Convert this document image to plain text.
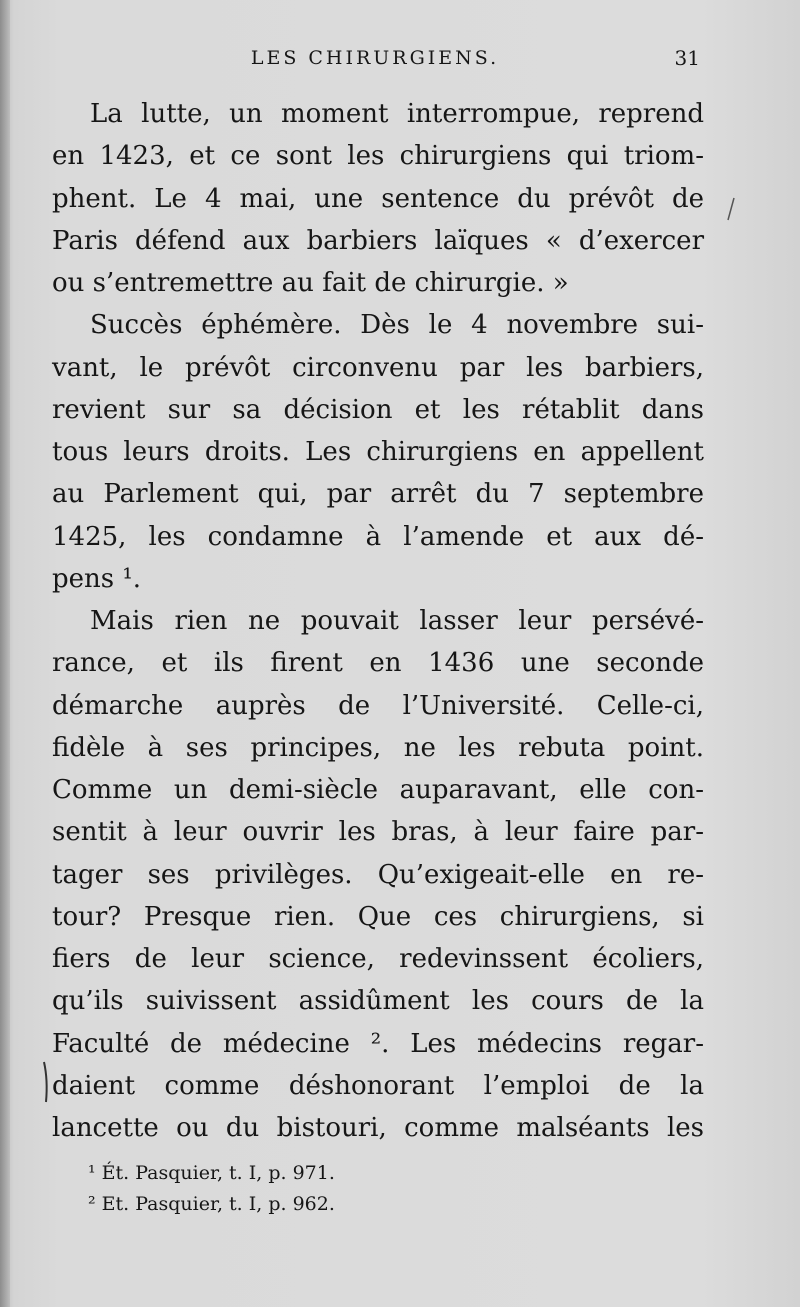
LES CHIRURGIENS.	31
La lutte, un moment interrompue, reprend
en 1423, et ce sont les chirurgiens qui triom-
phent. Le 4 mai, une sentence du prévôt de
Paris défend aux barbiers laïques « d’exercer
ou s’entremettre au fait de chirurgie. »
Succès éphémère. Dès le 4 novembre sui-
vant, le prévôt circonvenu par les barbiers,
revient sur sa décision et les rétablit dans
tous leurs droits. Les chirurgiens en appellent
au Parlement qui, par arrêt du 7 septembre
1425, les condamne à l’amende et aux dé-
pens ¹.
Mais rien ne pouvait lasser leur persévé-
rance, et ils firent en 1436 une seconde
démarche auprès de l’Université. Celle-ci,
fidèle à ses principes, ne les rebuta point.
Comme un demi-siècle auparavant, elle con-
sentit à leur ouvrir les bras, à leur faire par-
tager ses privilèges. Qu’exigeait-elle en re-
tour? Presque rien. Que ces chirurgiens, si
fiers de leur science, redevinssent écoliers,
qu’ils suivissent assidûment les cours de la
Faculté de médecine ². Les médecins regar-
daient comme déshonorant l’emploi de la
lancette ou du bistouri, comme malséants les
¹ Ét. Pasquier, t. I, p. 971.
² Et. Pasquier, t. I, p. 962.
